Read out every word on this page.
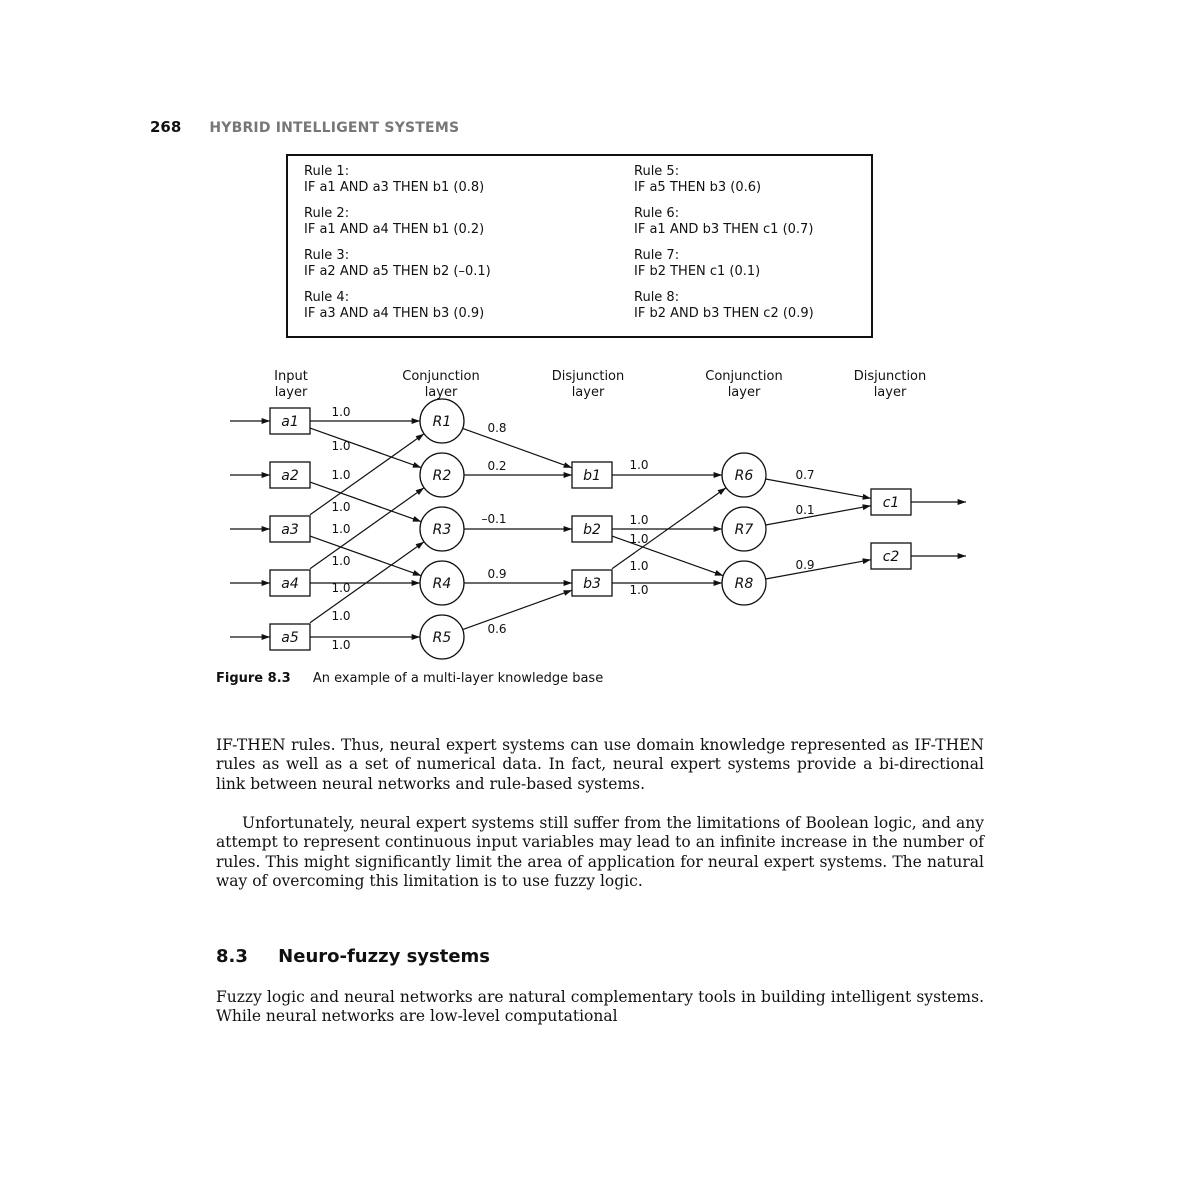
268 HYBRID INTELLIGENT SYSTEMS
Rule 1:
IF a1 AND a3 THEN b1 (0.8)
Rule 2:
IF a1 AND a4 THEN b1 (0.2)
Rule 3:
IF a2 AND a5 THEN b2 (–0.1)
Rule 4:
IF a3 AND a4 THEN b3 (0.9)
Rule 5:
IF a5 THEN b3 (0.6)
Rule 6:
IF a1 AND b3 THEN c1 (0.7)
Rule 7:
IF b2 THEN c1 (0.1)
Rule 8:
IF b2 AND b3 THEN c2 (0.9)
a1
a2
a3
a4
a5
R1
R2
R3
R4
R5
b1
b2
b3
R6
R7
R8
c1
c2
1.0
1.0
1.0
1.0
1.0
1.0
1.0
1.0
1.0
0.8
0.2
–0.1
0.9
0.6
1.0
1.0
1.0
1.0
1.0
0.7
0.1
0.9
Input
layer
Conjunction
layer
Disjunction
layer
Conjunction
layer
Disjunction
layer
Figure 8.3 An example of a multi-layer knowledge base

IF-THEN rules. Thus, neural expert systems can use domain knowledge represented as IF-THEN rules as well as a set of numerical data. In fact, neural expert systems provide a bi-directional link between neural networks and rule-based systems.

Unfortunately, neural expert systems still suffer from the limitations of Boolean logic, and any attempt to represent continuous input variables may lead to an infinite increase in the number of rules. This might significantly limit the area of application for neural expert systems. The natural way of overcoming this limitation is to use fuzzy logic.

8.3 Neuro-fuzzy systems

Fuzzy logic and neural networks are natural complementary tools in building intelligent systems. While neural networks are low-level computational
